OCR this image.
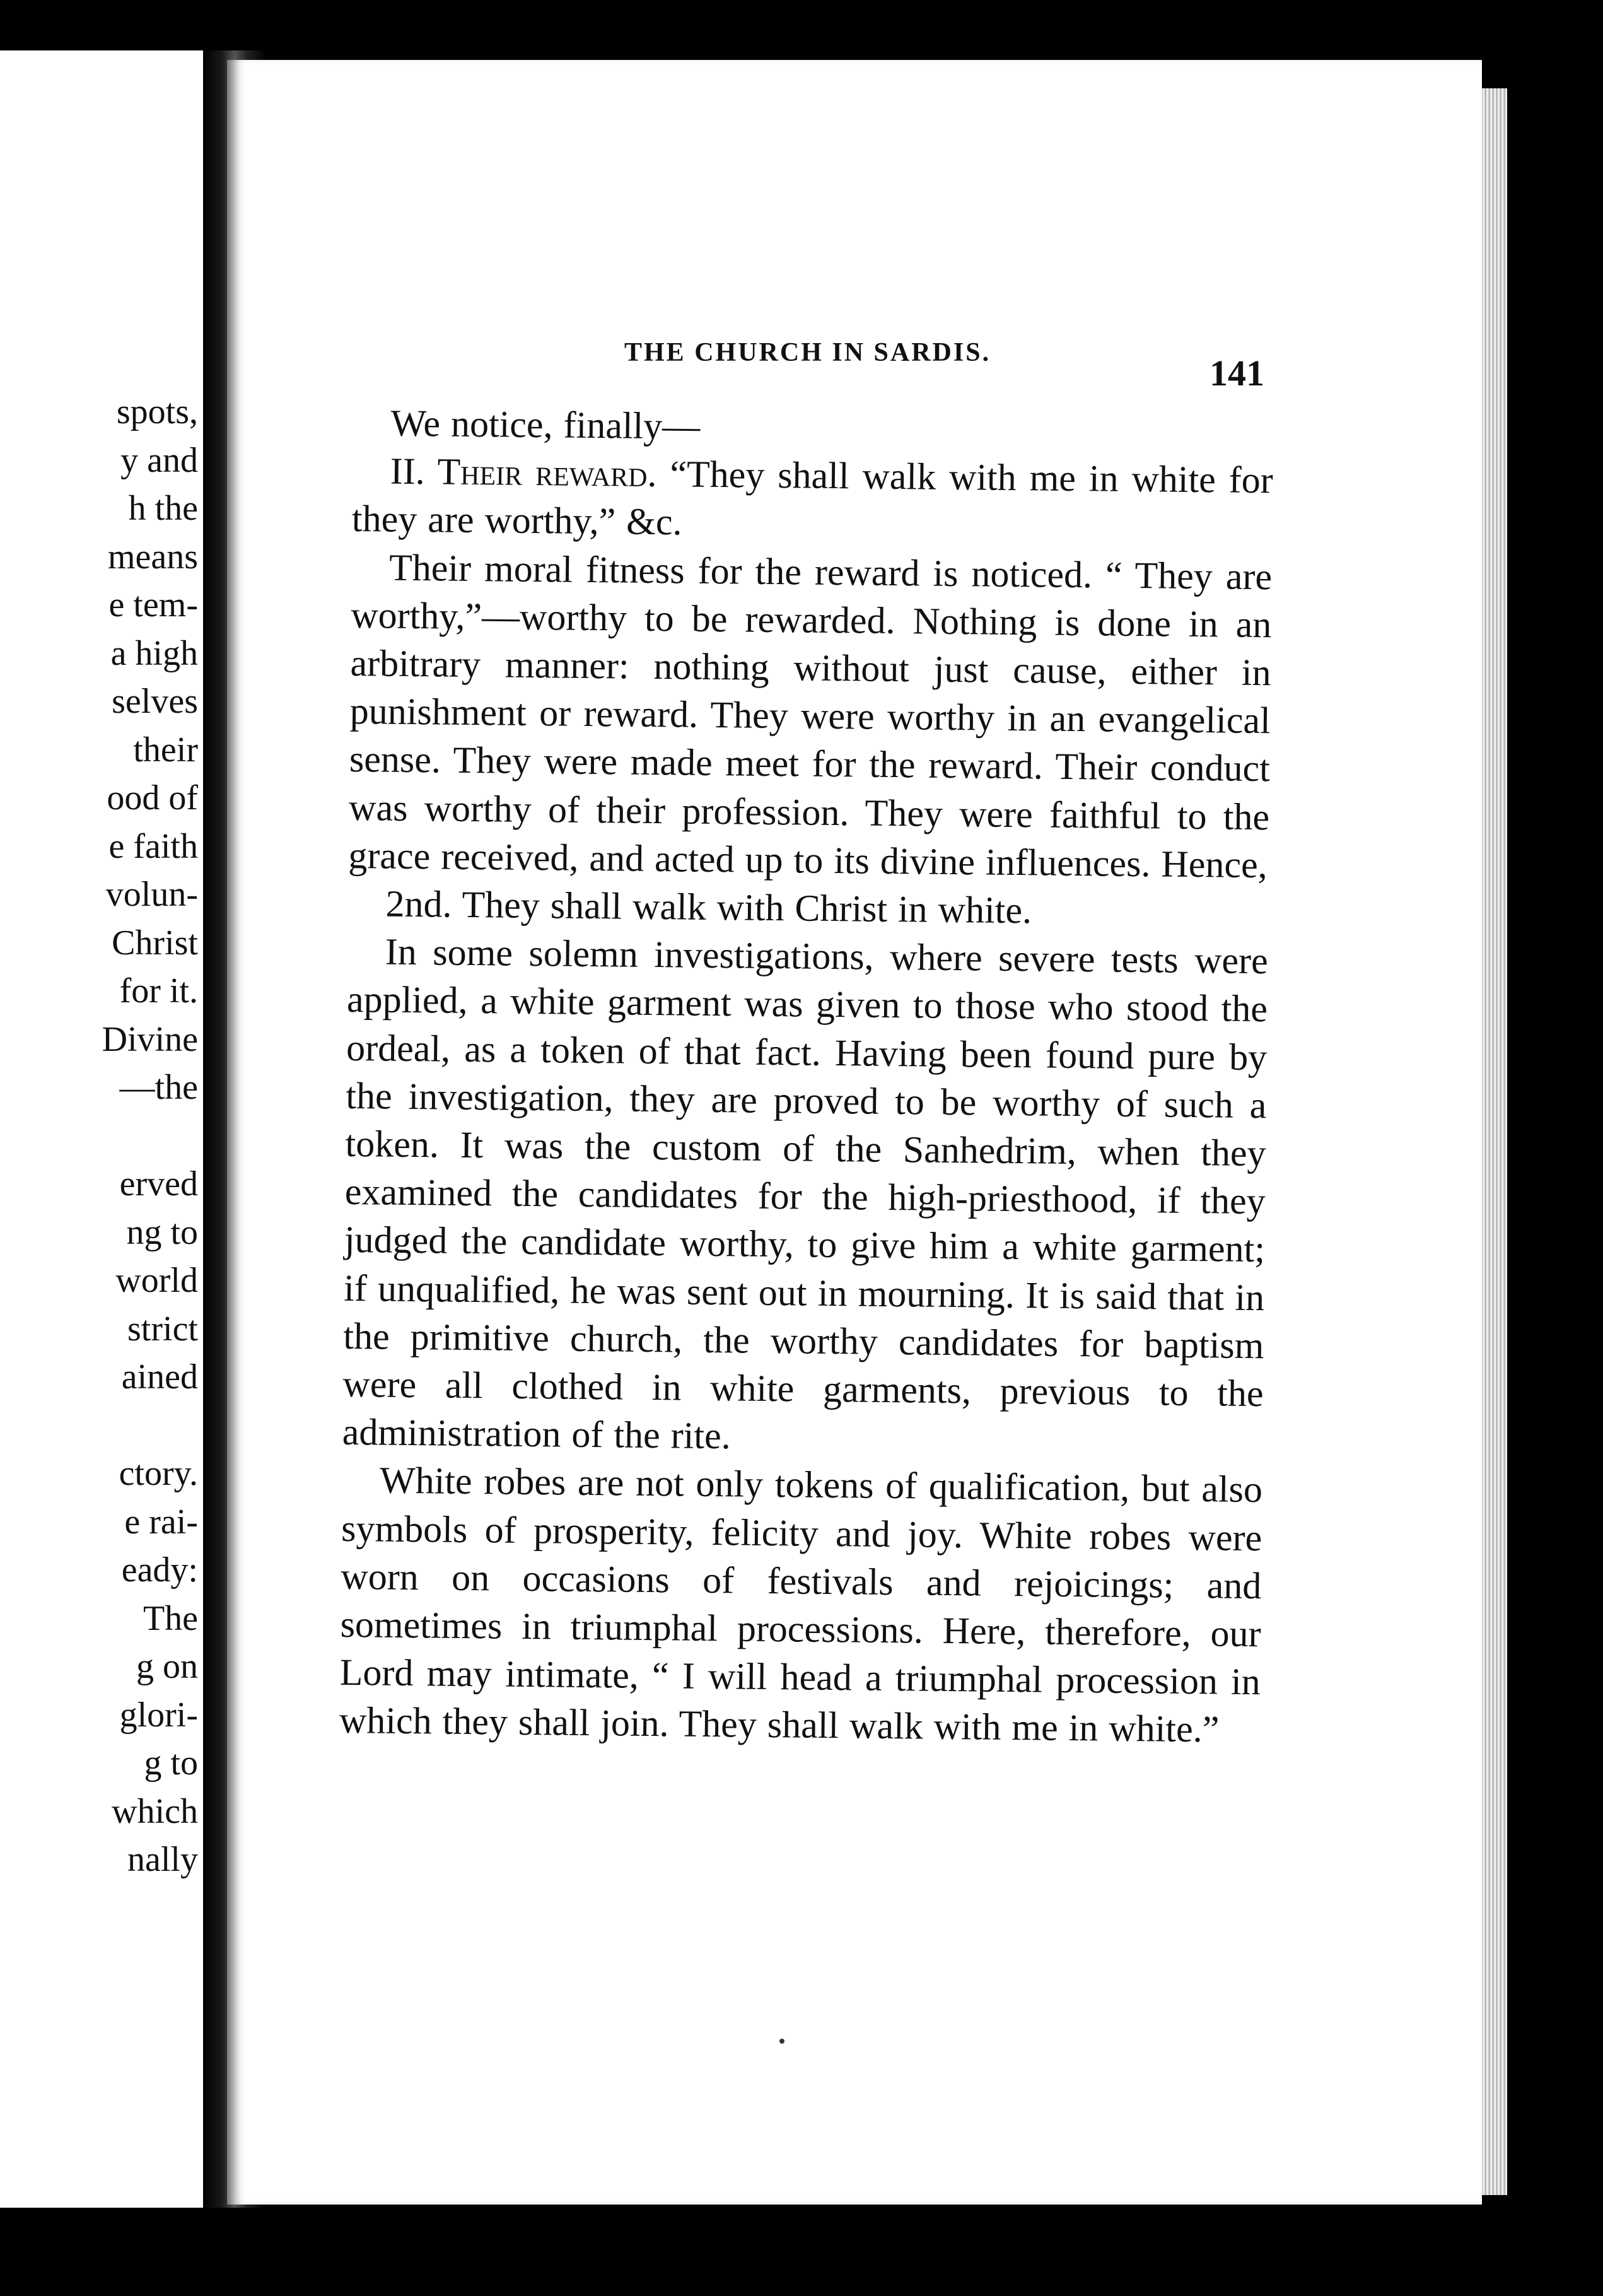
spots,
y and
h the
means
e tem-
a high
selves
their
ood of
e faith
volun-
Christ
for it.
Divine
—the
erved
ng to
world
strict
ained
ctory.
e rai-
eady:
The
g on
glori-
g to
which
nally
THE CHURCH IN SARDIS.	141

We notice, finally—

II. Their reward. “They shall walk with me in white for they are worthy,” &c.

Their moral fitness for the reward is noticed. “ They are worthy,”—worthy to be rewarded. Nothing is done in an arbitrary manner: nothing without just cause, either in punishment or reward. They were worthy in an evangelical sense. They were made meet for the reward. Their conduct was worthy of their profession. They were faithful to the grace received, and acted up to its divine influences. Hence,

2nd. They shall walk with Christ in white.

In some solemn investigations, where severe tests were applied, a white garment was given to those who stood the ordeal, as a token of that fact. Having been found pure by the investigation, they are proved to be worthy of such a token. It was the custom of the Sanhedrim, when they examined the candidates for the high-priesthood, if they judged the candidate worthy, to give him a white garment; if unqualified, he was sent out in mourning. It is said that in the primitive church, the worthy candidates for baptism were all clothed in white garments, previous to the administration of the rite.

White robes are not only tokens of qualification, but also symbols of prosperity, felicity and joy. White robes were worn on occasions of festivals and rejoicings; and sometimes in triumphal processions. Here, therefore, our Lord may intimate, “ I will head a triumphal procession in which they shall join. They shall walk with me in white.”
